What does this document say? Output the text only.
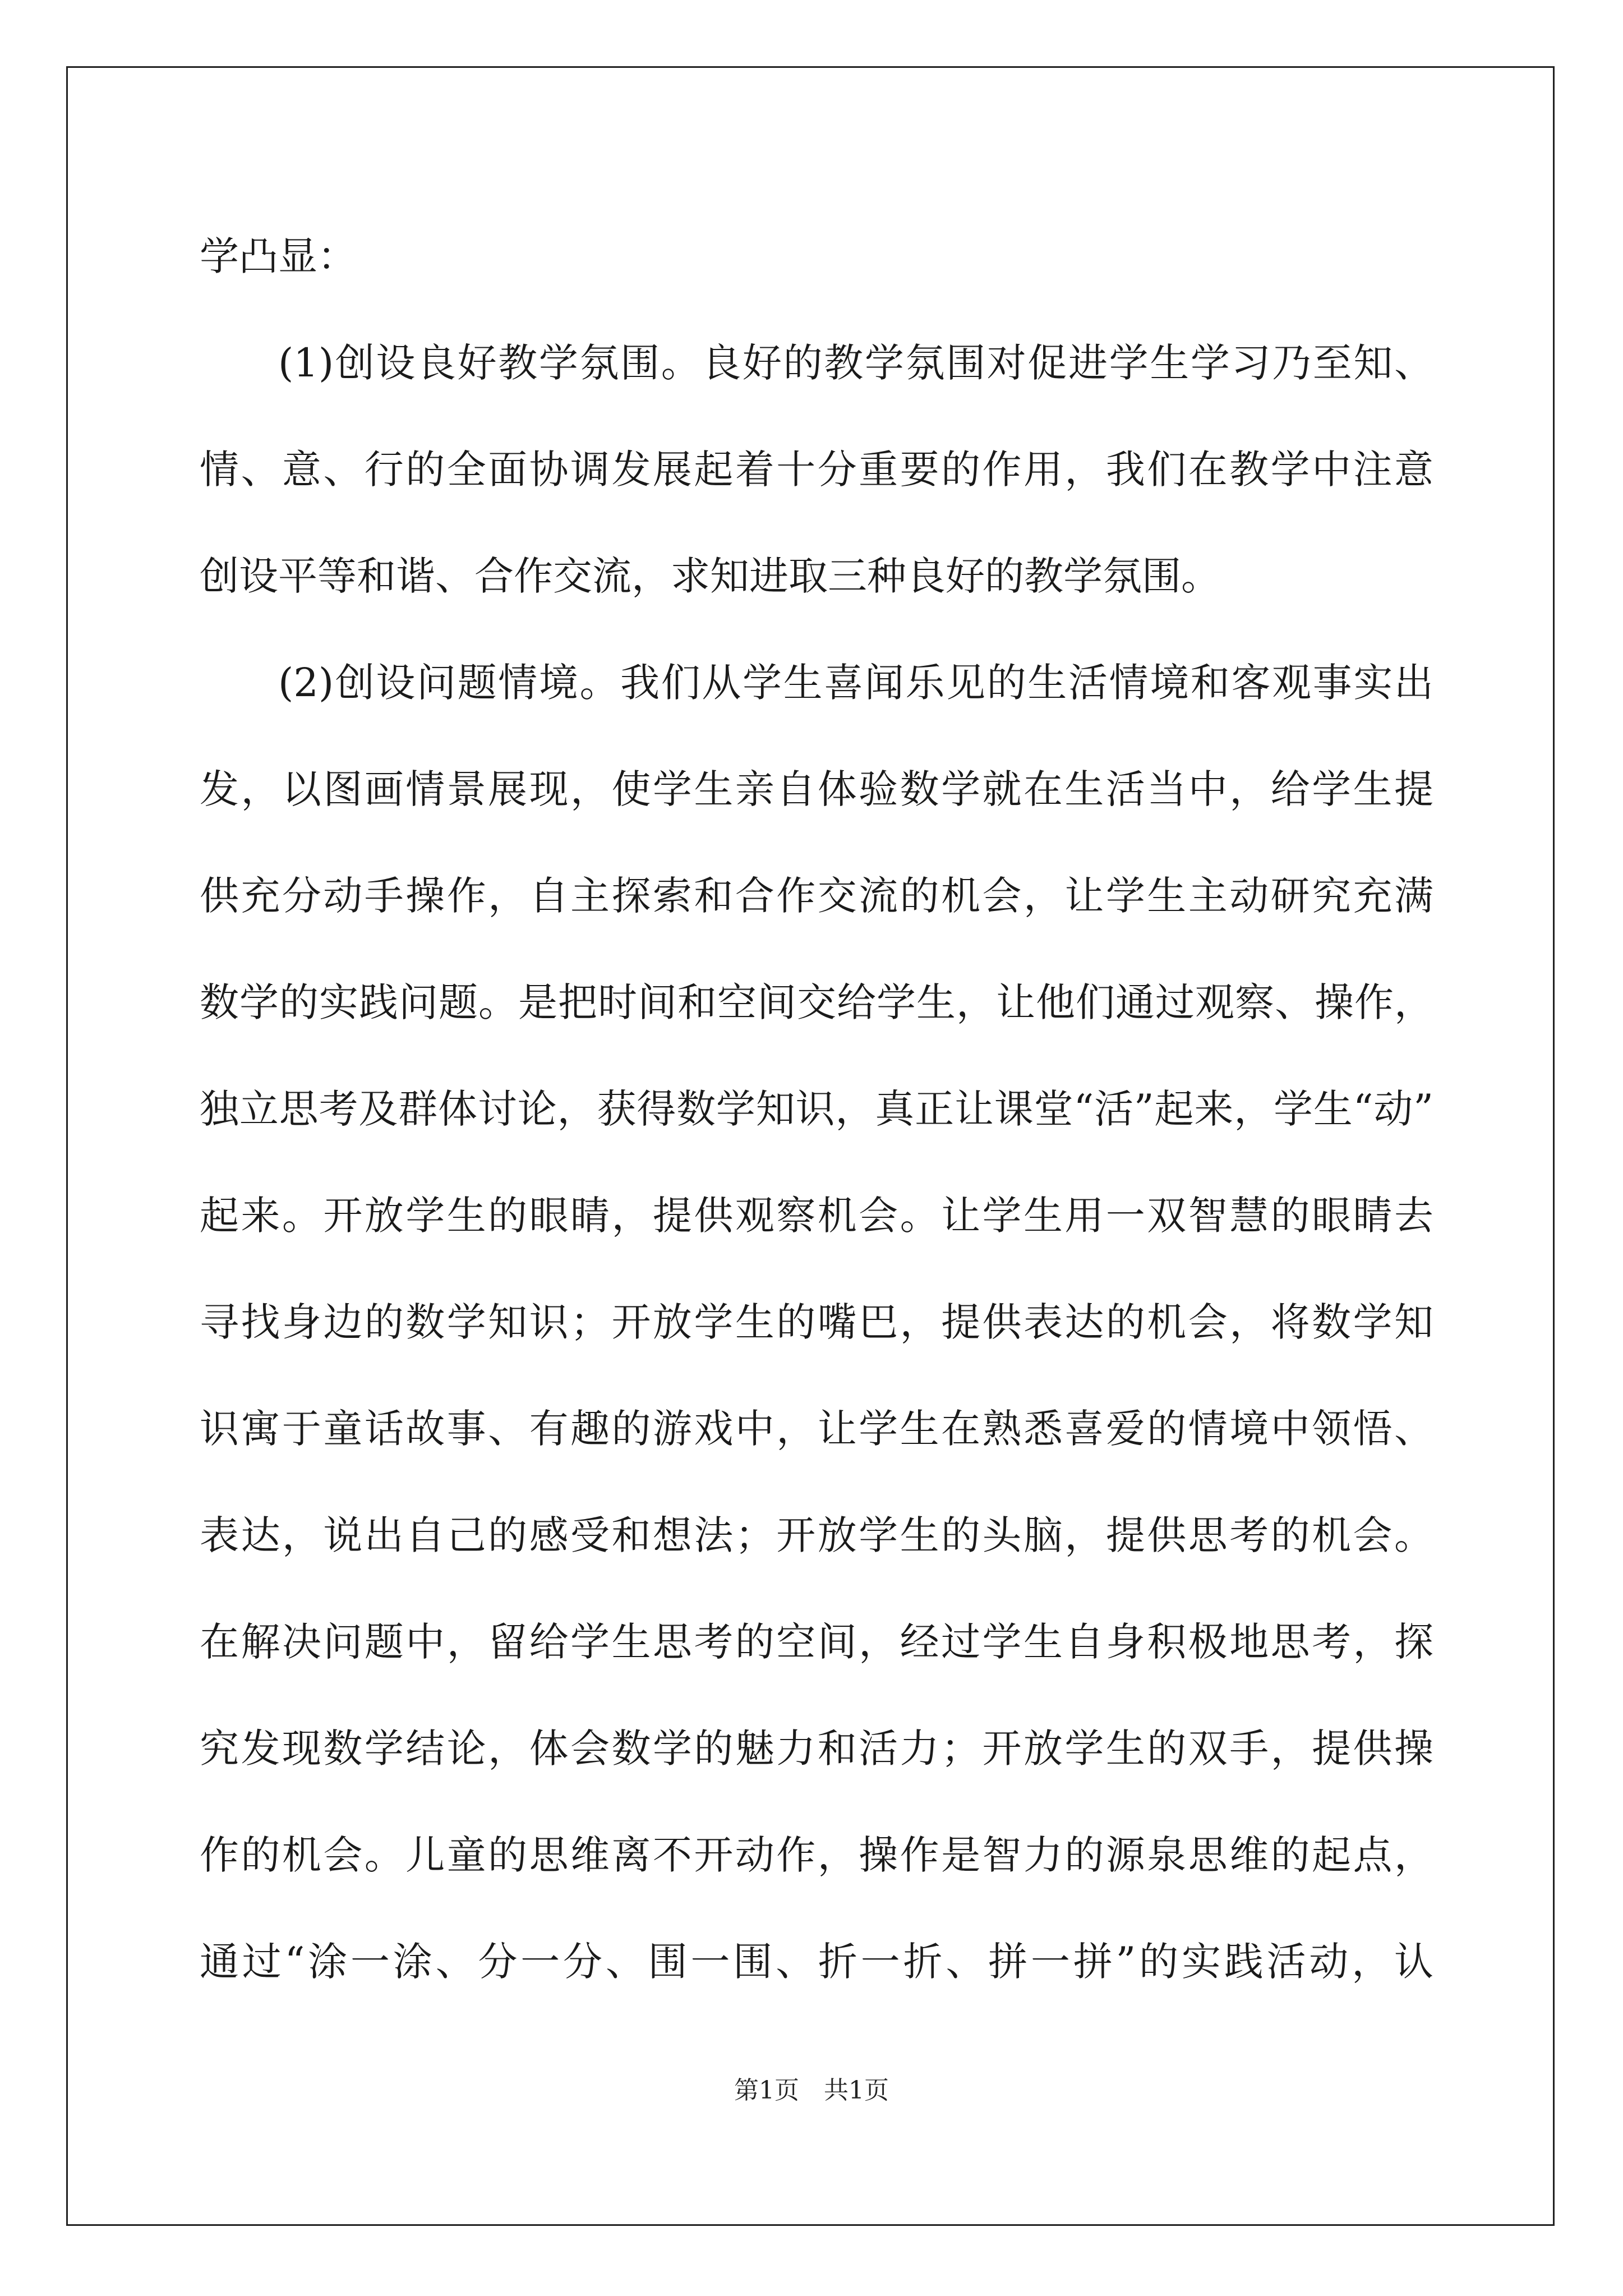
学凸显：
(1)创设良好教学氛围。良好的教学氛围对促进学生学习乃至知、
情、意、行的全面协调发展起着十分重要的作用，我们在教学中注意
创设平等和谐、合作交流，求知进取三种良好的教学氛围。
(2)创设问题情境。我们从学生喜闻乐见的生活情境和客观事实出
发，以图画情景展现，使学生亲自体验数学就在生活当中，给学生提
供充分动手操作，自主探索和合作交流的机会，让学生主动研究充满
数学的实践问题。是把时间和空间交给学生，让他们通过观察、操作，
独立思考及群体讨论，获得数学知识，真正让课堂“活”起来，学生“动”
起来。开放学生的眼睛，提供观察机会。让学生用一双智慧的眼睛去
寻找身边的数学知识；开放学生的嘴巴，提供表达的机会，将数学知
识寓于童话故事、有趣的游戏中，让学生在熟悉喜爱的情境中领悟、
表达，说出自己的感受和想法；开放学生的头脑，提供思考的机会。
在解决问题中，留给学生思考的空间，经过学生自身积极地思考，探
究发现数学结论，体会数学的魅力和活力；开放学生的双手，提供操
作的机会。儿童的思维离不开动作，操作是智力的源泉思维的起点，
通过“涂一涂、分一分、围一围、折一折、拼一拼”的实践活动，认
第1页　共1页
